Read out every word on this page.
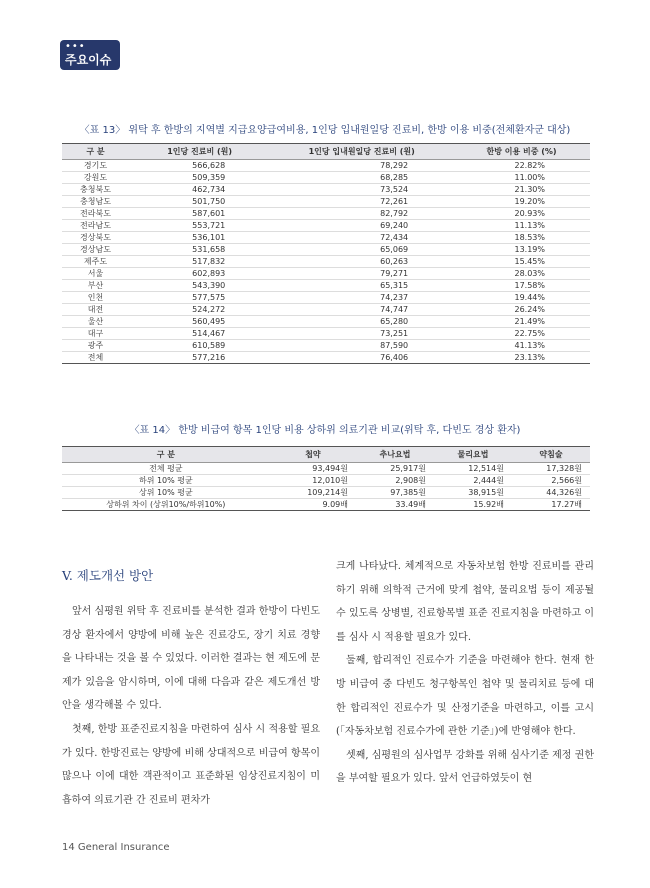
•••
주요이슈
〈표 13〉 위탁 후 한방의 지역별 지급요양급여비용, 1인당 입내원일당 진료비, 한방 이용 비중(전체환자군 대상)
구 분	1인당 진료비 (원)	1인당 입내원일당 진료비 (원)	한방 이용 비중 (%)
경기도	566,628	78,292	22.82%
강원도	509,359	68,285	11.00%
충청북도	462,734	73,524	21.30%
충청남도	501,750	72,261	19.20%
전라북도	587,601	82,792	20.93%
전라남도	553,721	69,240	11.13%
경상북도	536,101	72,434	18.53%
경상남도	531,658	65,069	13.19%
제주도	517,832	60,263	15.45%
서울	602,893	79,271	28.03%
부산	543,390	65,315	17.58%
인천	577,575	74,237	19.44%
대전	524,272	74,747	26.24%
울산	560,495	65,280	21.49%
대구	514,467	73,251	22.75%
광주	610,589	87,590	41.13%
전체	577,216	76,406	23.13%
〈표 14〉 한방 비급여 항목 1인당 비용 상하위 의료기관 비교(위탁 후, 다빈도 경상 환자)
구 분	첩약	추나요법	물리요법	약침술
전체 평균	93,494원	25,917원	12,514원	17,328원
하위 10% 평균	12,010원	2,908원	2,444원	2,566원
상위 10% 평균	109,214원	97,385원	38,915원	44,326원
상하위 차이 (상위10%/하위10%)	9.09배	33.49배	15.92배	17.27배
V. 제도개선 방안

앞서 심평원 위탁 후 진료비를 분석한 결과 한방이 다빈도 경상 환자에서 양방에 비해 높은 진료강도, 장기 치료 경향을 나타내는 것을 볼 수 있었다. 이러한 결과는 현 제도에 문제가 있음을 암시하며, 이에 대해 다음과 같은 제도개선 방안을 생각해볼 수 있다.

첫째, 한방 표준진료지침을 마련하여 심사 시 적용할 필요가 있다. 한방진료는 양방에 비해 상대적으로 비급여 항목이 많으나 이에 대한 객관적이고 표준화된 임상진료지침이 미흡하여 의료기관 간 진료비 편차가

크게 나타났다. 체계적으로 자동차보험 한방 진료비를 관리하기 위해 의학적 근거에 맞게 첩약, 물리요법 등이 제공될 수 있도록 상병별, 진료항목별 표준 진료지침을 마련하고 이를 심사 시 적용할 필요가 있다.

둘째, 합리적인 진료수가 기준을 마련해야 한다. 현재 한방 비급여 중 다빈도 청구항목인 첩약 및 물리치료 등에 대한 합리적인 진료수가 및 산정기준을 마련하고, 이를 고시(「자동차보험 진료수가에 관한 기준」)에 반영해야 한다.

셋째, 심평원의 심사업무 강화를 위해 심사기준 제정 권한을 부여할 필요가 있다. 앞서 언급하였듯이 현

14 General Insurance
